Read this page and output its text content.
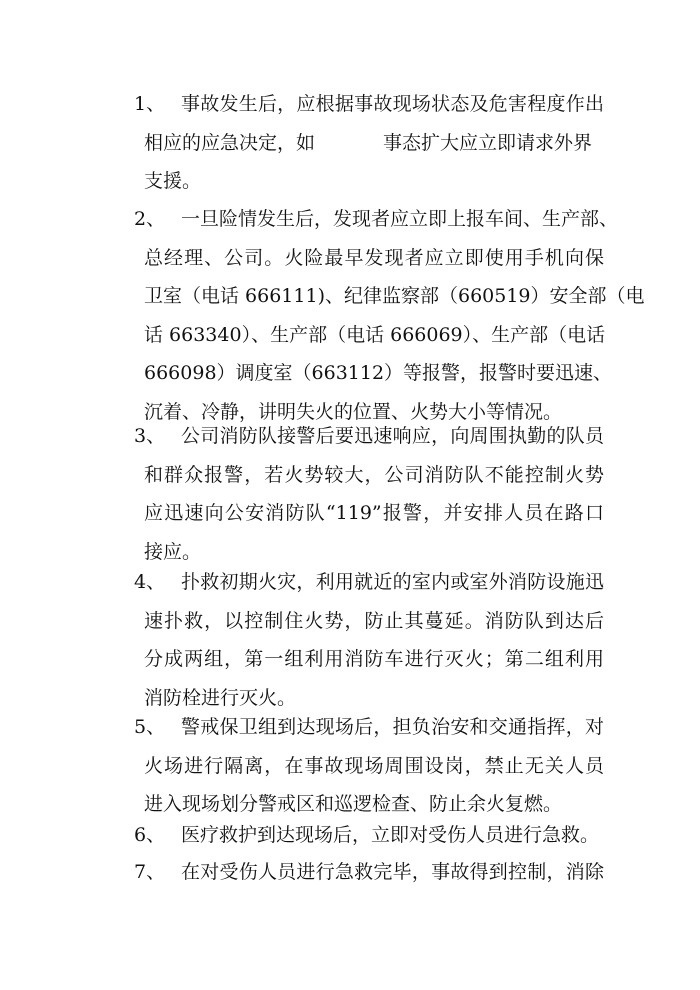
1、 事故发生后，应根据事故现场状态及危害程度作出
相应的应急决定，如	事态扩大应立即请求外界
支援。
2、 一旦险情发生后，发现者应立即上报车间、生产部、
总经理、公司。火险最早发现者应立即使用手机向保
卫室（电话 666111)、纪律监察部（660519）安全部（电
话 663340）、生产部（电话 666069）、生产部（电话
666098）调度室（663112）等报警，报警时要迅速、
沉着、冷静，讲明失火的位置、火势大小等情况。
3、 公司消防队接警后要迅速响应，向周围执勤的队员
和群众报警，若火势较大，公司消防队不能控制火势
应迅速向公安消防队“119”报警，并安排人员在路口
接应。
4、 扑救初期火灾，利用就近的室内或室外消防设施迅
速扑救，以控制住火势，防止其蔓延。消防队到达后
分成两组，第一组利用消防车进行灭火；第二组利用
消防栓进行灭火。
5、 警戒保卫组到达现场后，担负治安和交通指挥，对
火场进行隔离，在事故现场周围设岗，禁止无关人员
进入现场划分警戒区和巡逻检查、防止余火复燃。
6、 医疗救护到达现场后，立即对受伤人员进行急救。
7、 在对受伤人员进行急救完毕，事故得到控制，消除
